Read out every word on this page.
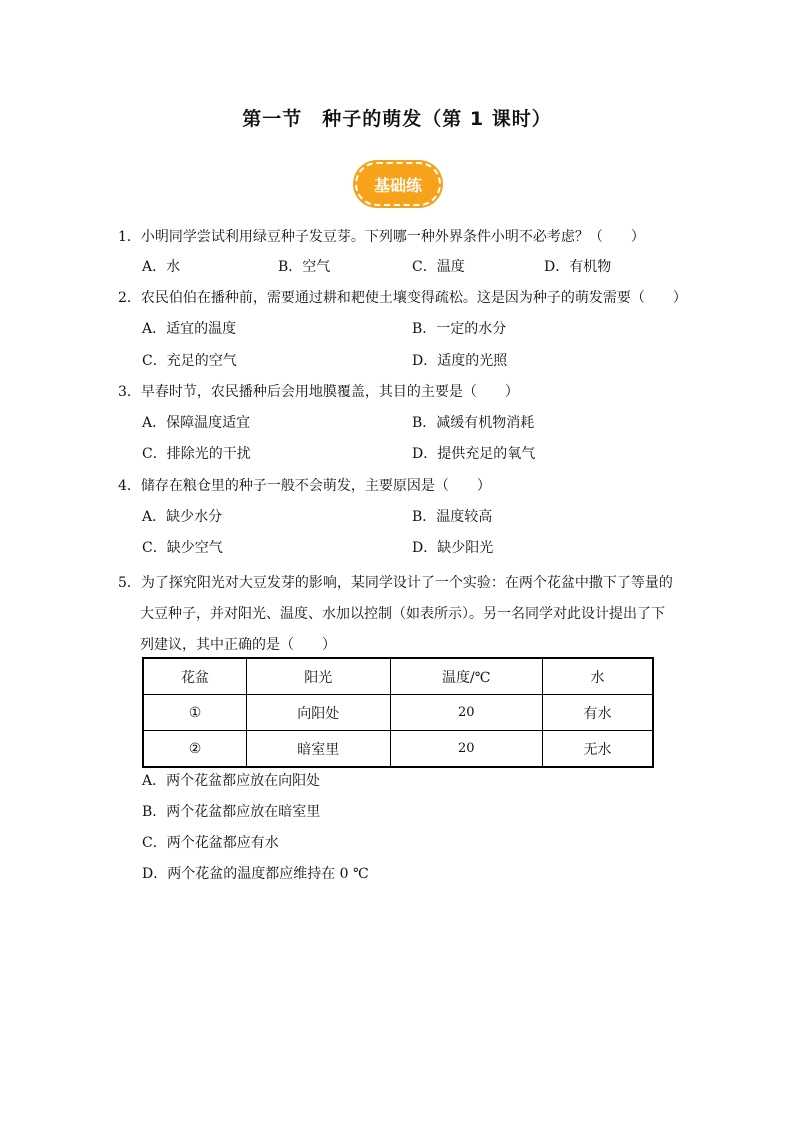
第一节　种子的萌发（第 1 课时）
基础练
1．小明同学尝试利用绿豆种子发豆芽。下列哪一种外界条件小明不必考虑？（　　）
A．水	B．空气	C．温度	D．有机物
2．农民伯伯在播种前，需要通过耕和耙使土壤变得疏松。这是因为种子的萌发需要（　　）
A．适宜的温度	B．一定的水分
C．充足的空气	D．适度的光照
3．早春时节，农民播种后会用地膜覆盖，其目的主要是（　　）
A．保障温度适宜	B．减缓有机物消耗
C．排除光的干扰	D．提供充足的氧气
4．储存在粮仓里的种子一般不会萌发，主要原因是（　　）
A．缺少水分	B．温度较高
C．缺少空气	D．缺少阳光
5．为了探究阳光对大豆发芽的影响，某同学设计了一个实验：在两个花盆中撒下了等量的
大豆种子，并对阳光、温度、水加以控制（如表所示）。另一名同学对此设计提出了下
列建议，其中正确的是（　　）
花盆	阳光	温度/℃	水
①	向阳处	20	有水
②	暗室里	20	无水
A．两个花盆都应放在向阳处
B．两个花盆都应放在暗室里
C．两个花盆都应有水
D．两个花盆的温度都应维持在 0 ℃
